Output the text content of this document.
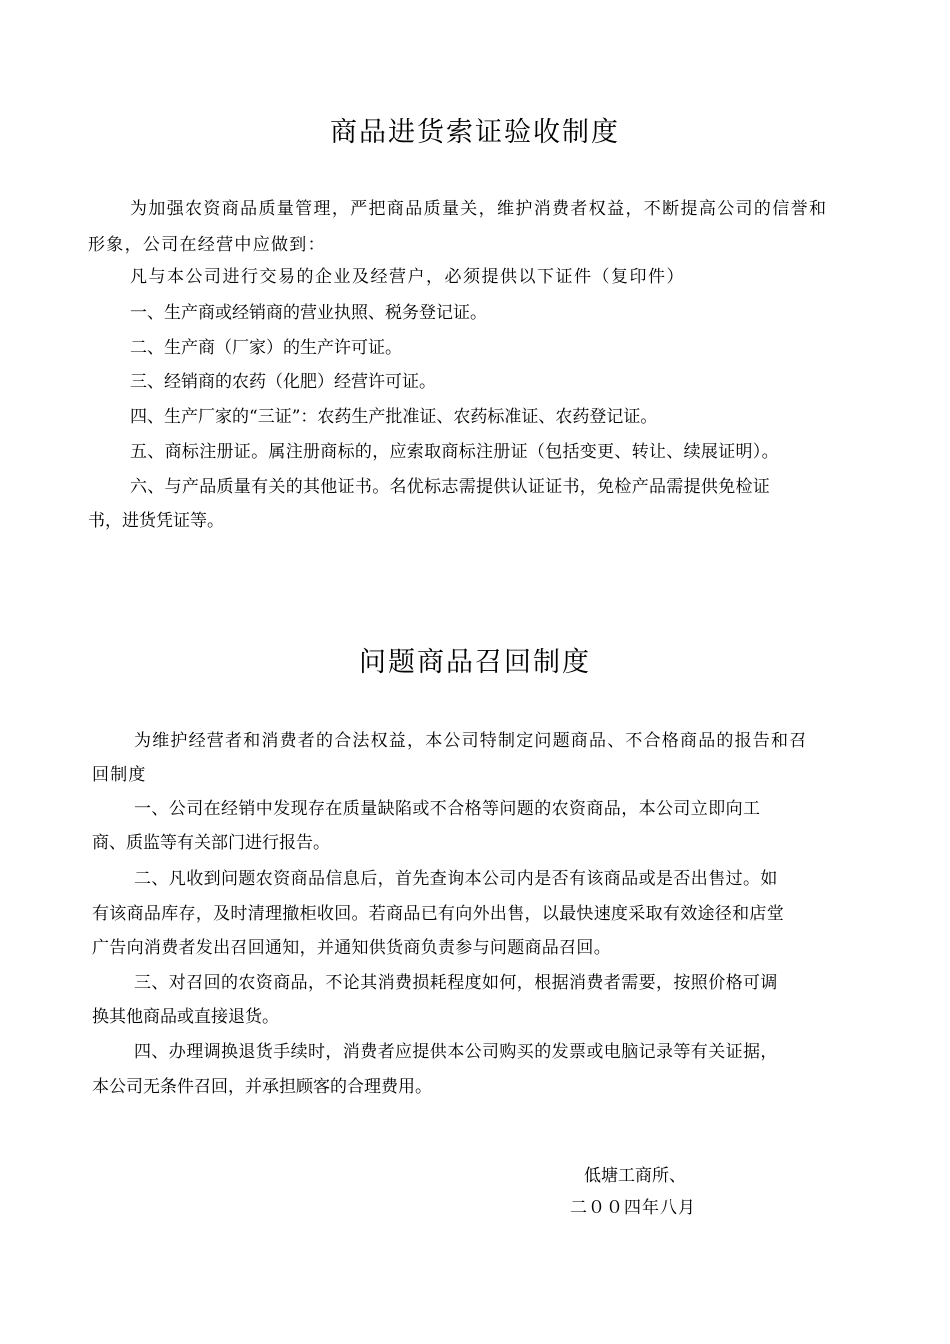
商品进货索证验收制度
为加强农资商品质量管理，严把商品质量关，维护消费者权益，不断提高公司的信誉和
形象，公司在经营中应做到：
凡与本公司进行交易的企业及经营户，必须提供以下证件（复印件）
一、生产商或经销商的营业执照、税务登记证。
二、生产商（厂家）的生产许可证。
三、经销商的农药（化肥）经营许可证。
四、生产厂家的“三证”：农药生产批准证、农药标准证、农药登记证。
五、商标注册证。属注册商标的，应索取商标注册证（包括变更、转让、续展证明）。
六、与产品质量有关的其他证书。名优标志需提供认证证书，免检产品需提供免检证
书，进货凭证等。
问题商品召回制度
为维护经营者和消费者的合法权益，本公司特制定问题商品、不合格商品的报告和召
回制度
一、公司在经销中发现存在质量缺陷或不合格等问题的农资商品，本公司立即向工
商、质监等有关部门进行报告。
二、凡收到问题农资商品信息后，首先查询本公司内是否有该商品或是否出售过。如
有该商品库存，及时清理撤柜收回。若商品已有向外出售，以最快速度采取有效途径和店堂
广告向消费者发出召回通知，并通知供货商负责参与问题商品召回。
三、对召回的农资商品，不论其消费损耗程度如何，根据消费者需要，按照价格可调
换其他商品或直接退货。
四、办理调换退货手续时，消费者应提供本公司购买的发票或电脑记录等有关证据，
本公司无条件召回，并承担顾客的合理费用。
低塘工商所、
二００四年八月
